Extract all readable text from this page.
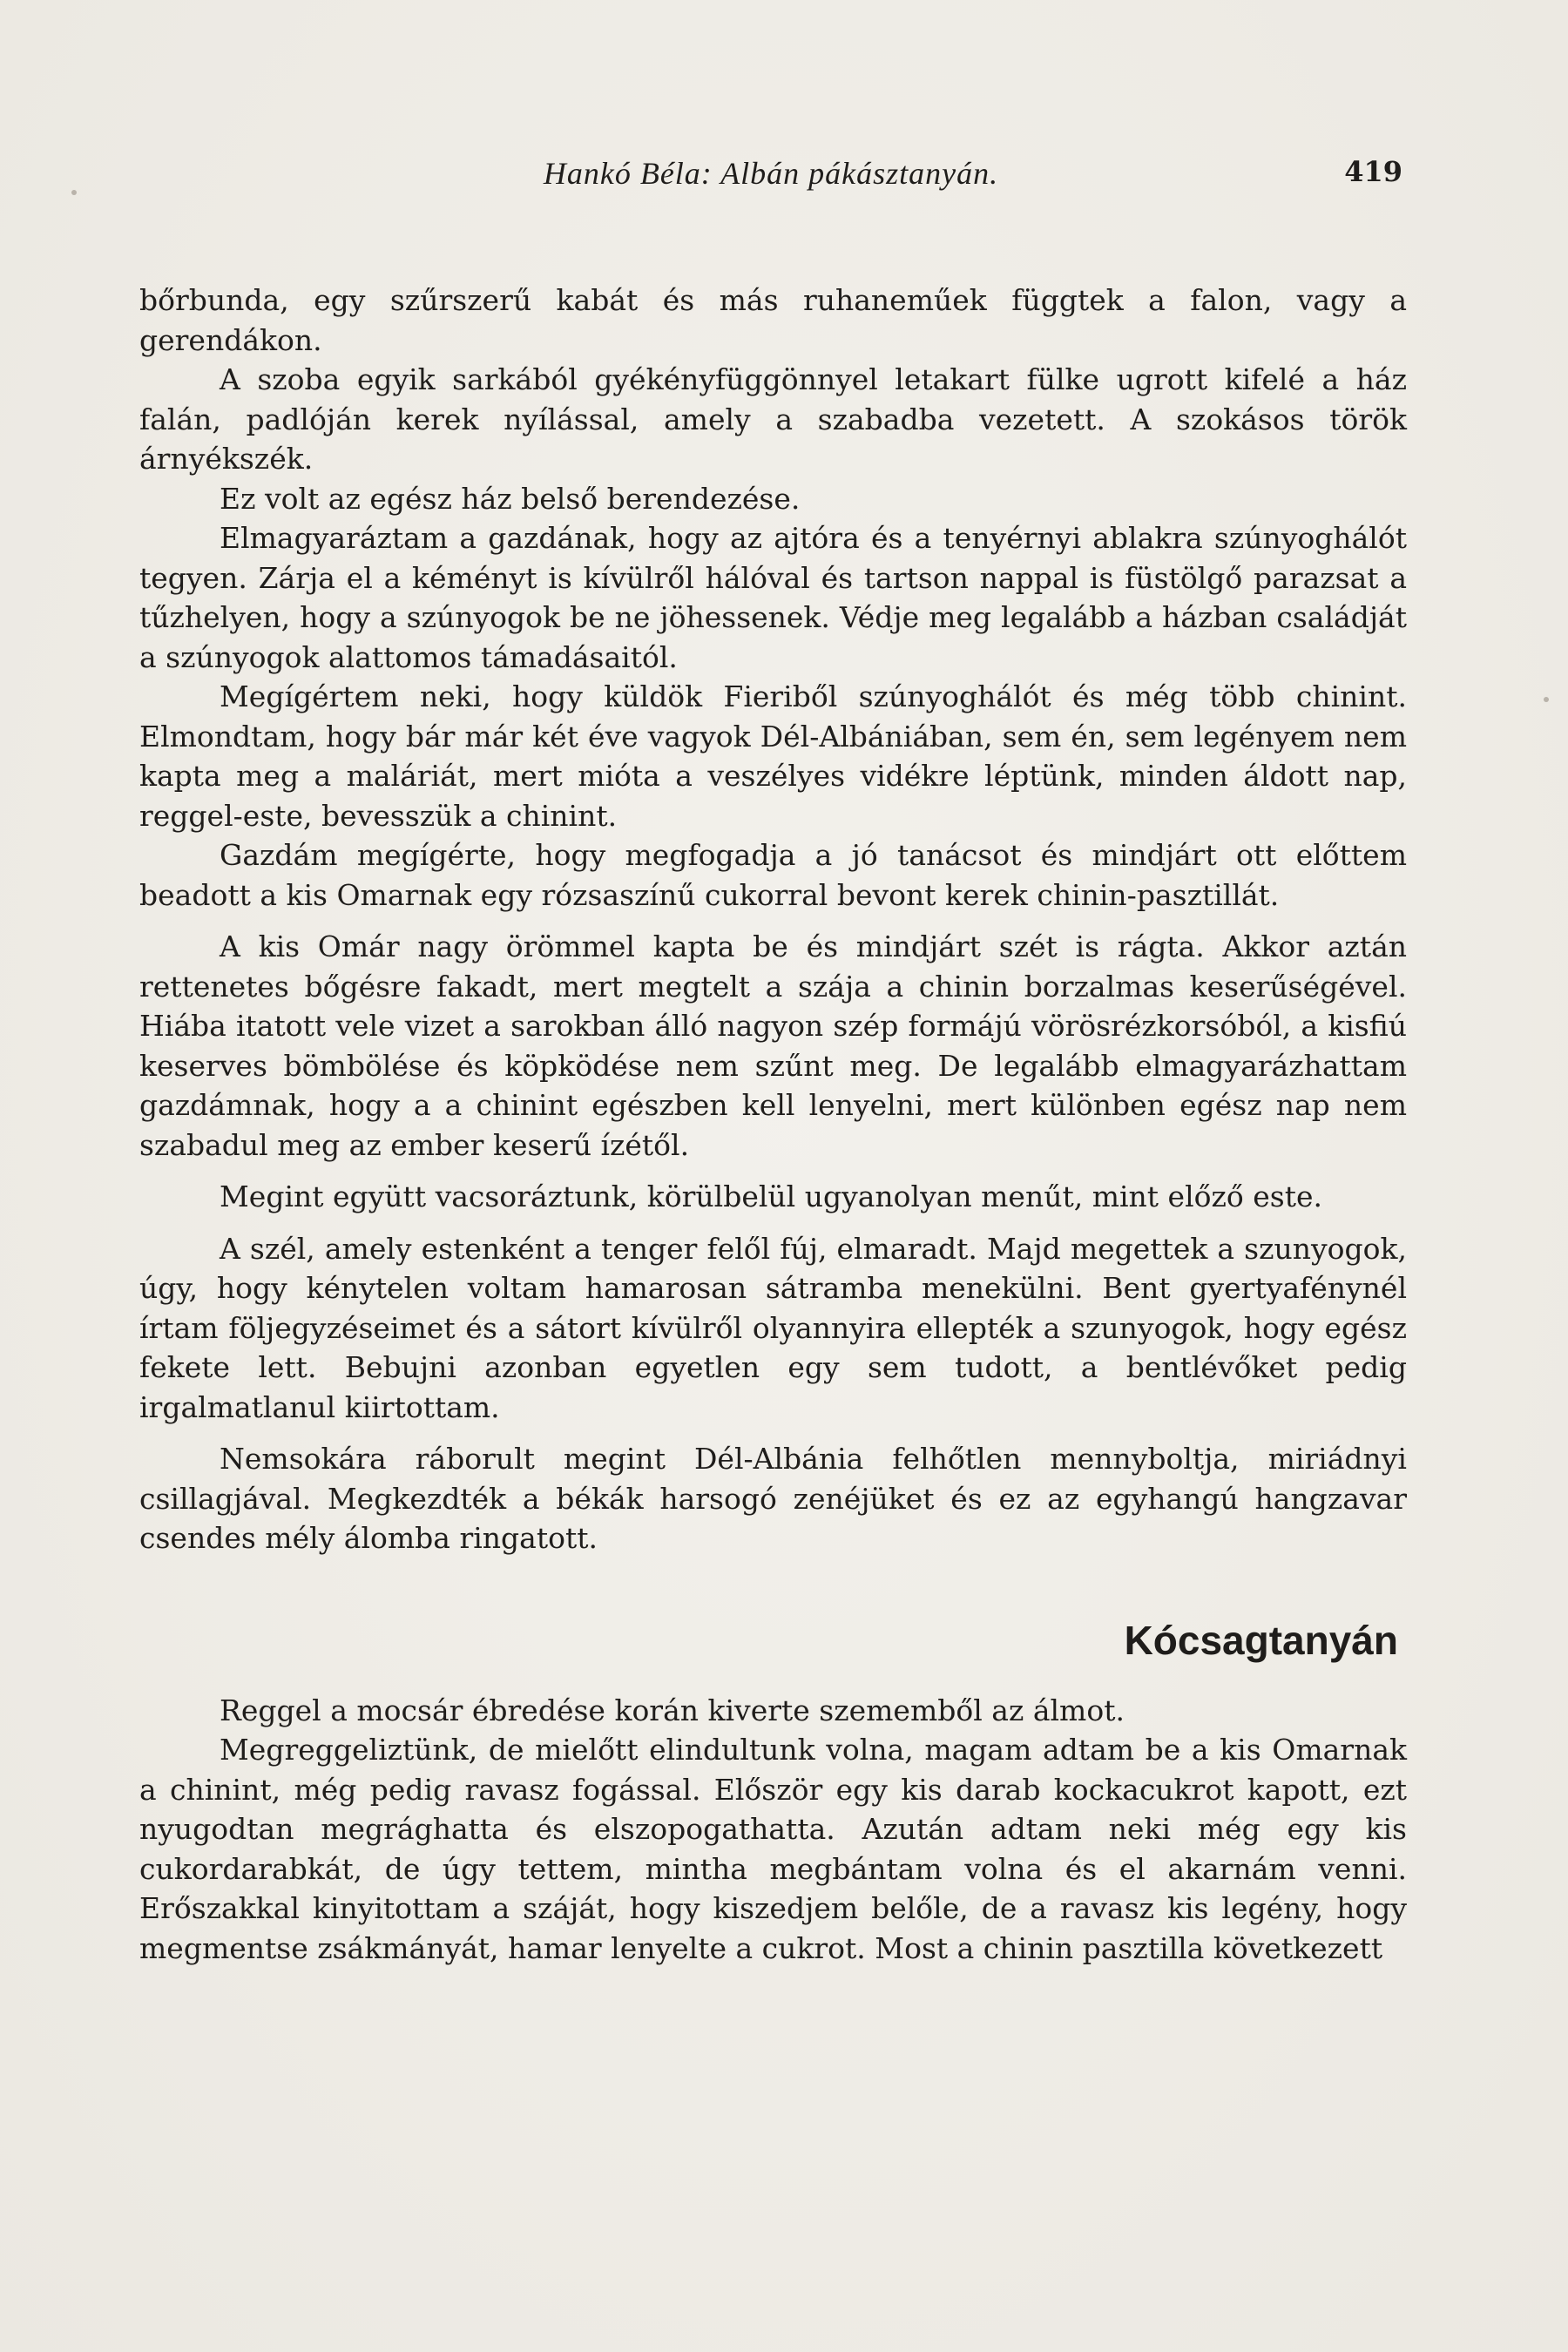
Hankó Béla: Albán pákásztanyán.	419

bőrbunda, egy szűrszerű kabát és más ruhaneműek függtek a falon, vagy a gerendákon.

A szoba egyik sarkából gyékényfüggönnyel letakart fülke ugrott kifelé a ház falán, padlóján kerek nyílással, amely a szabadba vezetett. A szokásos török árnyékszék.

Ez volt az egész ház belső berendezése.

Elmagyaráztam a gazdának, hogy az ajtóra és a tenyérnyi ablakra szúnyoghálót tegyen. Zárja el a kéményt is kívülről hálóval és tartson nappal is füstölgő parazsat a tűzhelyen, hogy a szúnyogok be ne jöhessenek. Védje meg legalább a házban családját a szúnyogok alattomos támadásaitól.

Megígértem neki, hogy küldök Fieriből szúnyoghálót és még több chinint. Elmondtam, hogy bár már két éve vagyok Dél-Albániában, sem én, sem legényem nem kapta meg a maláriát, mert mióta a veszélyes vidékre léptünk, minden áldott nap, reggel-este, bevesszük a chinint.

Gazdám megígérte, hogy megfogadja a jó tanácsot és mindjárt ott előttem beadott a kis Omarnak egy rózsaszínű cukorral bevont kerek chinin-pasztillát.

A kis Omár nagy örömmel kapta be és mindjárt szét is rágta. Akkor aztán rettenetes bőgésre fakadt, mert megtelt a szája a chinin borzalmas keserűségével. Hiába itatott vele vizet a sarokban álló nagyon szép formájú vörösrézkorsóból, a kisfiú keserves bömbölése és köpködése nem szűnt meg. De legalább elmagyarázhattam gazdámnak, hogy a a chinint egészben kell lenyelni, mert különben egész nap nem szabadul meg az ember keserű ízétől.

Megint együtt vacsoráztunk, körülbelül ugyanolyan menűt, mint előző este.

A szél, amely estenként a tenger felől fúj, elmaradt. Majd megettek a szunyogok, úgy, hogy kénytelen voltam hamarosan sátramba menekülni. Bent gyertyafénynél írtam följegyzéseimet és a sátort kívülről olyannyira ellepték a szunyogok, hogy egész fekete lett. Bebujni azonban egyetlen egy sem tudott, a bentlévőket pedig irgalmatlanul kiirtottam.

Nemsokára ráborult megint Dél-Albánia felhőtlen mennyboltja, miriádnyi csillagjával. Megkezdték a békák harsogó zenéjüket és ez az egyhangú hangzavar csendes mély álomba ringatott.

Kócsagtanyán

Reggel a mocsár ébredése korán kiverte szememből az álmot.

Megreggeliztünk, de mielőtt elindultunk volna, magam adtam be a kis Omarnak a chinint, még pedig ravasz fogással. Először egy kis darab kockacukrot kapott, ezt nyugodtan megrághatta és elszopogathatta. Azután adtam neki még egy kis cukordarabkát, de úgy tettem, mintha megbántam volna és el akarnám venni. Erőszakkal kinyitottam a száját, hogy kiszedjem belőle, de a ravasz kis legény, hogy megmentse zsákmányát, hamar lenyelte a cukrot. Most a chinin pasztilla következett
